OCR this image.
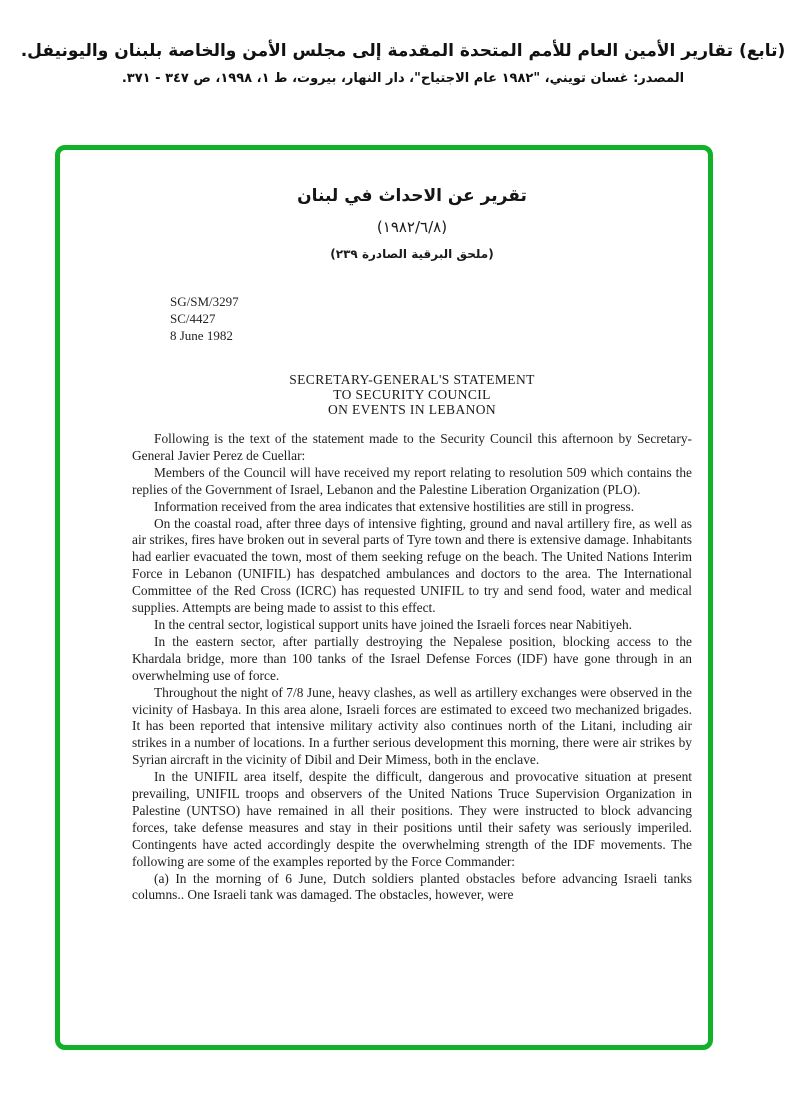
(تابع) تقارير الأمين العام للأمم المتحدة المقدمة إلى مجلس الأمن والخاصة بلبنان واليونيفل.
المصدر: غسان تويني، "١٩٨٢ عام الاجتياح"، دار النهار، بيروت، ط ١، ١٩٩٨، ص ٣٤٧ - ٣٧١.
تقرير عن الاحداث في لبنان
(١٩٨٢/٦/٨)
(ملحق البرقية الصادرة ٢٣٩)
SG/SM/3297
SC/4427
8 June 1982
SECRETARY-GENERAL'S STATEMENT
TO SECURITY COUNCIL
ON EVENTS IN LEBANON

Following is the text of the statement made to the Security Council this afternoon by Secretary-General Javier Perez de Cuellar:

Members of the Council will have received my report relating to resolution 509 which contains the replies of the Government of Israel, Lebanon and the Palestine Liberation Organization (PLO).

Information received from the area indicates that extensive hostilities are still in progress.

On the coastal road, after three days of intensive fighting, ground and naval artillery fire, as well as air strikes, fires have broken out in several parts of Tyre town and there is extensive damage. Inhabitants had earlier evacuated the town, most of them seeking refuge on the beach. The United Nations Interim Force in Lebanon (UNIFIL) has despatched ambulances and doctors to the area. The International Committee of the Red Cross (ICRC) has requested UNIFIL to try and send food, water and medical supplies. Attempts are being made to assist to this effect.

In the central sector, logistical support units have joined the Israeli forces near Nabitiyeh.

In the eastern sector, after partially destroying the Nepalese position, blocking access to the Khardala bridge, more than 100 tanks of the Israel Defense Forces (IDF) have gone through in an overwhelming use of force.

Throughout the night of 7/8 June, heavy clashes, as well as artillery exchanges were observed in the vicinity of Hasbaya. In this area alone, Israeli forces are estimated to exceed two mechanized brigades. It has been reported that intensive military activity also continues north of the Litani, including air strikes in a number of locations. In a further serious development this morning, there were air strikes by Syrian aircraft in the vicinity of Dibil and Deir Mimess, both in the enclave.

In the UNIFIL area itself, despite the difficult, dangerous and provocative situation at present prevailing, UNIFIL troops and observers of the United Nations Truce Supervision Organization in Palestine (UNTSO) have remained in all their positions. They were instructed to block advancing forces, take defense measures and stay in their positions until their safety was seriously imperiled. Contingents have acted accordingly despite the overwhelming strength of the IDF movements. The following are some of the examples reported by the Force Commander:

(a) In the morning of 6 June, Dutch soldiers planted obstacles before advancing Israeli tanks columns.. One Israeli tank was damaged. The obstacles, however, were
